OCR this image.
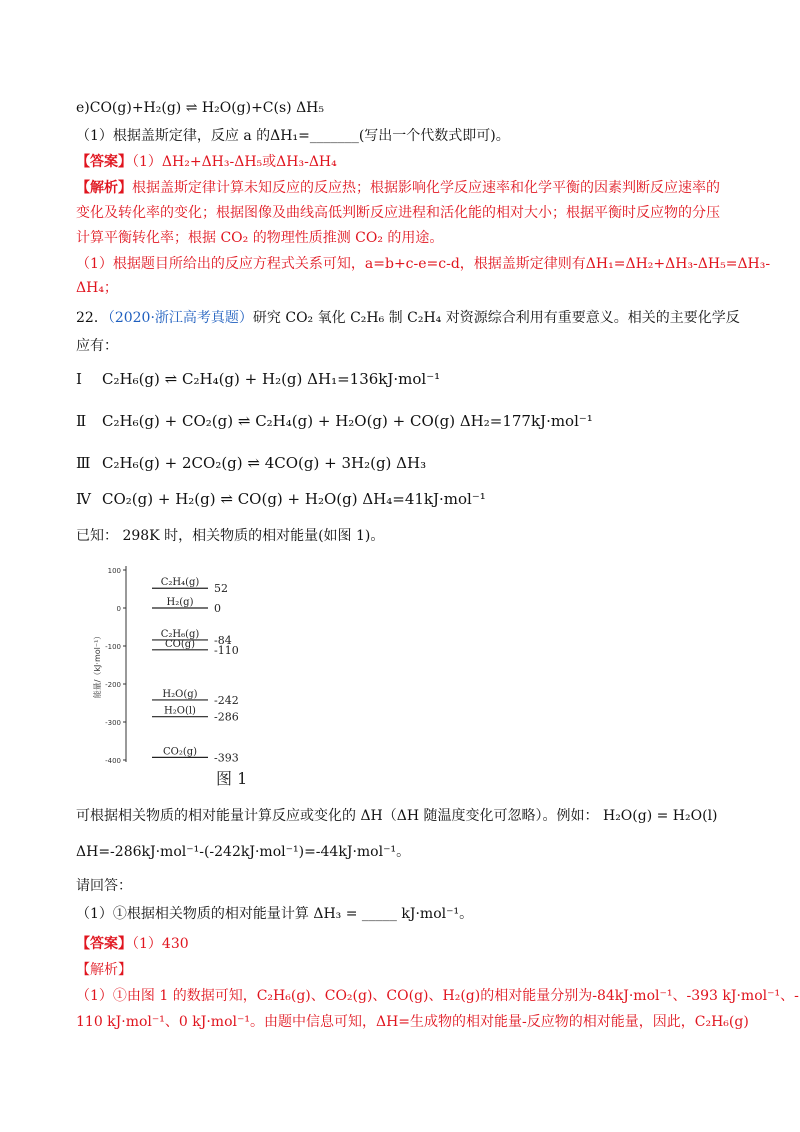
e)CO(g)+H₂(g) ⇌ H₂O(g)+C(s) ΔH₅
（1）根据盖斯定律，反应 a 的ΔH₁=_______(写出一个代数式即可)。
【答案】（1）ΔH₂+ΔH₃-ΔH₅或ΔH₃-ΔH₄
【解析】根据盖斯定律计算未知反应的反应热；根据影响化学反应速率和化学平衡的因素判断反应速率的
变化及转化率的变化；根据图像及曲线高低判断反应进程和活化能的相对大小；根据平衡时反应物的分压
计算平衡转化率；根据 CO₂ 的物理性质推测 CO₂ 的用途。
（1）根据题目所给出的反应方程式关系可知，a=b+c-e=c-d，根据盖斯定律则有ΔH₁=ΔH₂+ΔH₃-ΔH₅=ΔH₃-
ΔH₄；
22．（2020·浙江高考真题）研究 CO₂ 氧化 C₂H₆ 制 C₂H₄ 对资源综合利用有重要意义。相关的主要化学反
应有：
Ⅰ C₂H₆(g) ⇌ C₂H₄(g) + H₂(g) ΔH₁=136kJ·mol⁻¹
Ⅱ C₂H₆(g) + CO₂(g) ⇌ C₂H₄(g) + H₂O(g) + CO(g) ΔH₂=177kJ·mol⁻¹
Ⅲ C₂H₆(g) + 2CO₂(g) ⇌ 4CO(g) + 3H₂(g) ΔH₃
Ⅳ CO₂(g) + H₂(g) ⇌ CO(g) + H₂O(g) ΔH₄=41kJ·mol⁻¹
已知： 298K 时，相关物质的相对能量(如图 1)。
100
0
-100
-200
-300
-400
能量/（kJ·mol⁻¹）
C₂H₄(g) 52
H₂(g) 0
C₂H₆(g) -84
CO(g) -110
H₂O(g) -242
H₂O(l) -286
CO₂(g) -393
图 1
可根据相关物质的相对能量计算反应或变化的 ΔH（ΔH 随温度变化可忽略）。例如： H₂O(g) = H₂O(l)
ΔH=-286kJ·mol⁻¹-(-242kJ·mol⁻¹)=-44kJ·mol⁻¹。
请回答：
（1）①根据相关物质的相对能量计算 ΔH₃ = _____ kJ·mol⁻¹。
【答案】（1）430
【解析】
（1）①由图 1 的数据可知，C₂H₆(g)、CO₂(g)、CO(g)、H₂(g)的相对能量分别为-84kJ·mol⁻¹、-393 kJ·mol⁻¹、-
110 kJ·mol⁻¹、0 kJ·mol⁻¹。由题中信息可知，ΔH=生成物的相对能量-反应物的相对能量，因此，C₂H₆(g)
